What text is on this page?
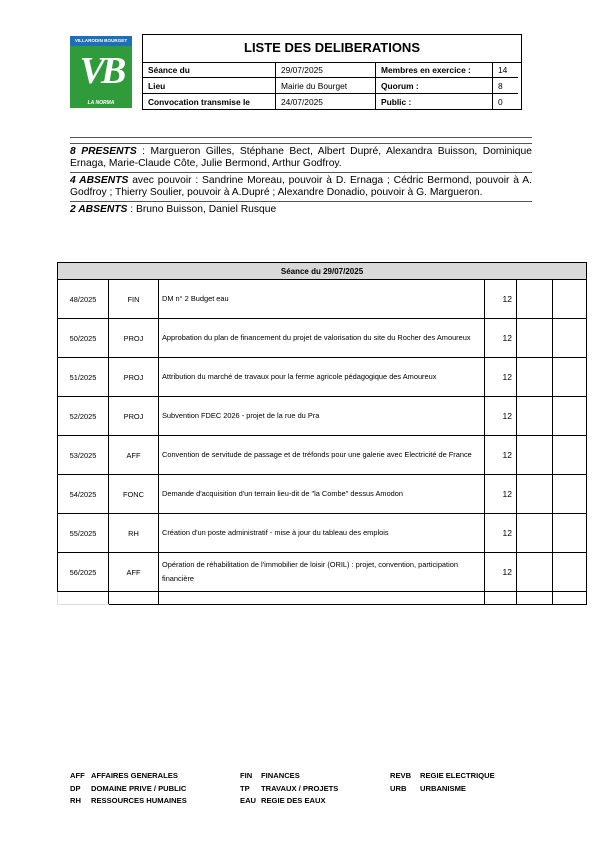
VILLARODIN BOURGET
VB
LA NORMA
LISTE DES DELIBERATIONS
Séance du	29/07/2025	Membres en exercice :	14
Lieu	Mairie du Bourget	Quorum :	8
Convocation transmise le	24/07/2025	Public :	0

8 PRESENTS : Margueron Gilles, Stéphane Bect, Albert Dupré, Alexandra Buisson, Dominique Ernaga, Marie-Claude Côte, Julie Bermond, Arthur Godfroy.

4 ABSENTS avec pouvoir : Sandrine Moreau, pouvoir à D. Ernaga ; Cédric Bermond, pouvoir à A. Godfroy ; Thierry Soulier, pouvoir à A.Dupré ; Alexandre Donadio, pouvoir à G. Margueron.

2 ABSENTS : Bruno Buisson, Daniel Rusque

Séance du 29/07/2025					
48/2025	FIN	DM n° 2 Budget eau	12		
50/2025	PROJ	Approbation du plan de financement du projet de valorisation du site du Rocher des Amoureux	12		
51/2025	PROJ	Attribution du marché de travaux pour la ferme agricole pédagogique des Amoureux	12		
52/2025	PROJ	Subvention FDEC 2026 - projet de la rue du Pra	12		
53/2025	AFF	Convention de servitude de passage et de tréfonds pour une galerie avec Electricité de France	12		
54/2025	FONC	Demande d'acquisition d'un terrain lieu-dit de "la Combe" dessus Amodon	12		
55/2025	RH	Création d'un poste administratif - mise à jour du tableau des emplois	12		
56/2025	AFF	Opération de réhabilitation de l'immobilier de loisir (ORIL) : projet, convention, participation financière	12		

AFF AFFAIRES GENERALES
DP DOMAINE PRIVE / PUBLIC
RH RESSOURCES HUMAINES
FIN FINANCES
TP TRAVAUX / PROJETS
EAU REGIE DES EAUX
REVB REGIE ELECTRIQUE
URB URBANISME
